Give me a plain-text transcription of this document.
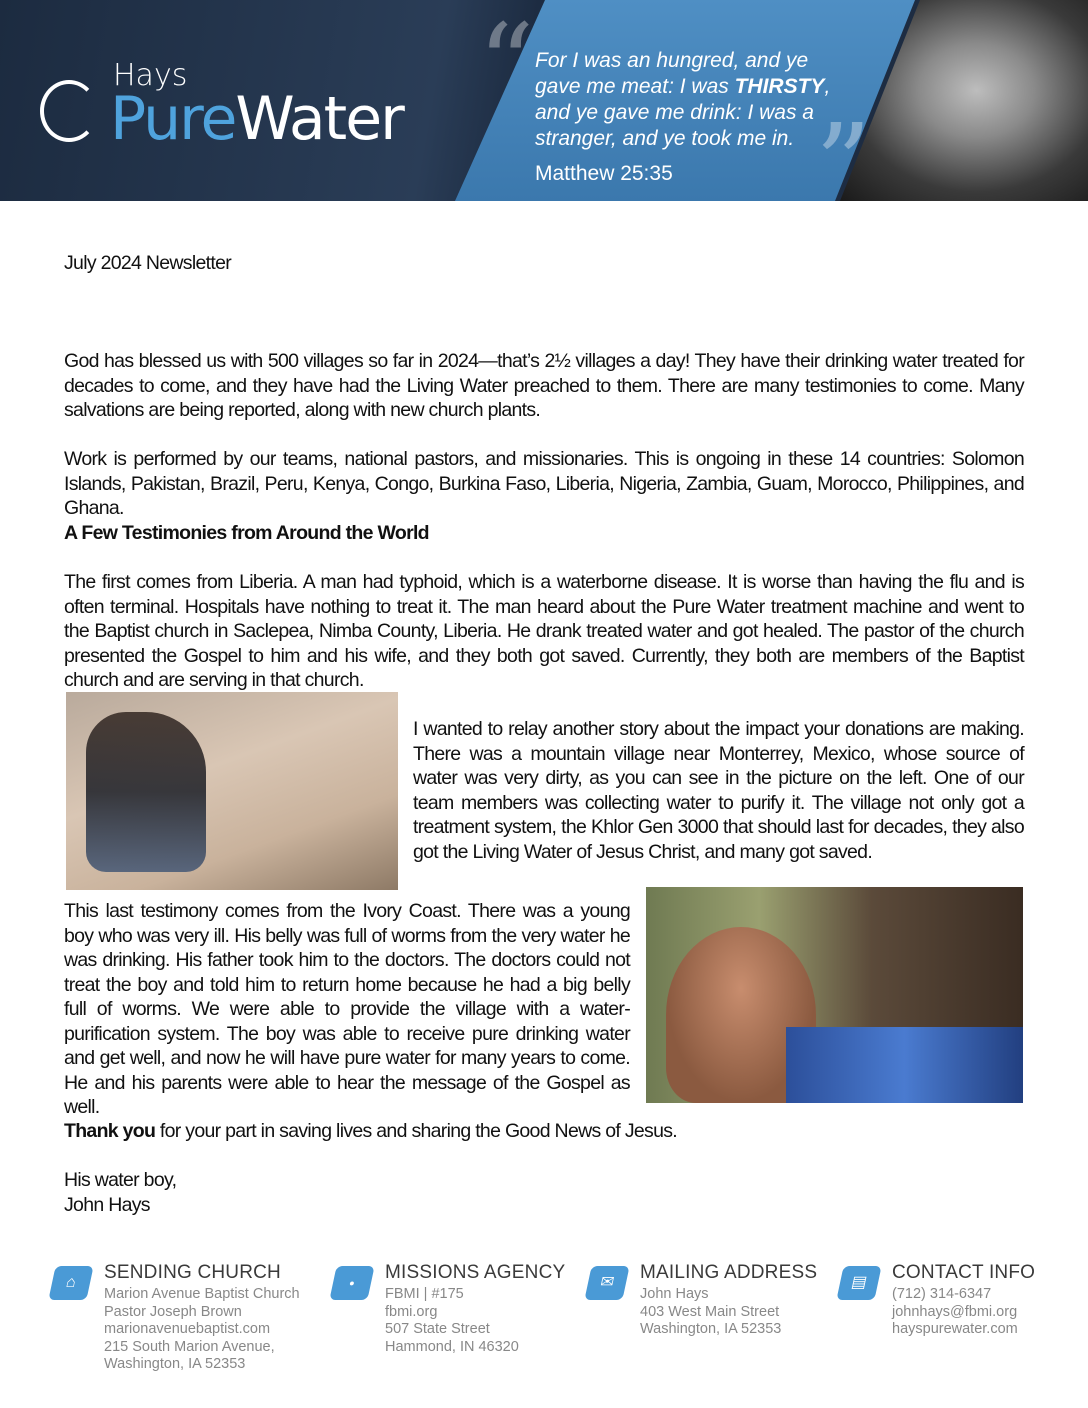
Hays
PureWater “
”
For I was an hungred, and ye
gave me meat: I was THIRSTY,
and ye gave me drink: I was a
stranger, and ye took me in.
Matthew 25:35
July 2024 Newsletter
God has blessed us with 500 villages so far in 2024—that’s 2½ villages a day! They have their drinking water treated for decades to come, and they have had the Living Water preached to them. There are many testimonies to come. Many salvations are being reported, along with new church plants.
Work is performed by our teams, national pastors, and missionaries. This is ongoing in these 14 countries: Solomon Islands, Pakistan, Brazil, Peru, Kenya, Congo, Burkina Faso, Liberia, Nigeria, Zambia, Guam, Morocco, Philippines, and Ghana.
A Few Testimonies from Around the World
The first comes from Liberia. A man had typhoid, which is a waterborne disease. It is worse than having the flu and is often terminal. Hospitals have nothing to treat it. The man heard about the Pure Water treatment machine and went to the Baptist church in Saclepea, Nimba County, Liberia. He drank treated water and got healed. The pastor of the church presented the Gospel to him and his wife, and they both got saved. Currently, they both are members of the Baptist church and are serving in that church.
I wanted to relay another story about the impact your donations are making. There was a mountain village near Monterrey, Mexico, whose source of water was very dirty, as you can see in the picture on the left. One of our team members was collecting water to purify it. The village not only got a treatment system, the Khlor Gen 3000 that should last for decades, they also got the Living Water of Jesus Christ, and many got saved.
This last testimony comes from the Ivory Coast. There was a young boy who was very ill. His belly was full of worms from the very water he was drinking. His father took him to the doctors. The doctors could not treat the boy and told him to return home because he had a big belly full of worms. We were able to provide the village with a water-purification system. The boy was able to receive pure drinking water and get well, and now he will have pure water for many years to come. He and his parents were able to hear the message of the Gospel as well.
Thank you for your part in saving lives and sharing the Good News of Jesus.
His water boy,
John Hays
⌂	SENDING CHURCH
Marion Avenue Baptist Church
Pastor Joseph Brown
marionavenuebaptist.com
215 South Marion Avenue,
Washington, IA 52353
●	MISSIONS AGENCY
FBMI | #175
fbmi.org
507 State Street
Hammond, IN 46320
✉	MAILING ADDRESS
John Hays
403 West Main Street
Washington, IA 52353
▤	CONTACT INFO
(712) 314-6347
johnhays@fbmi.org
hayspurewater.com
